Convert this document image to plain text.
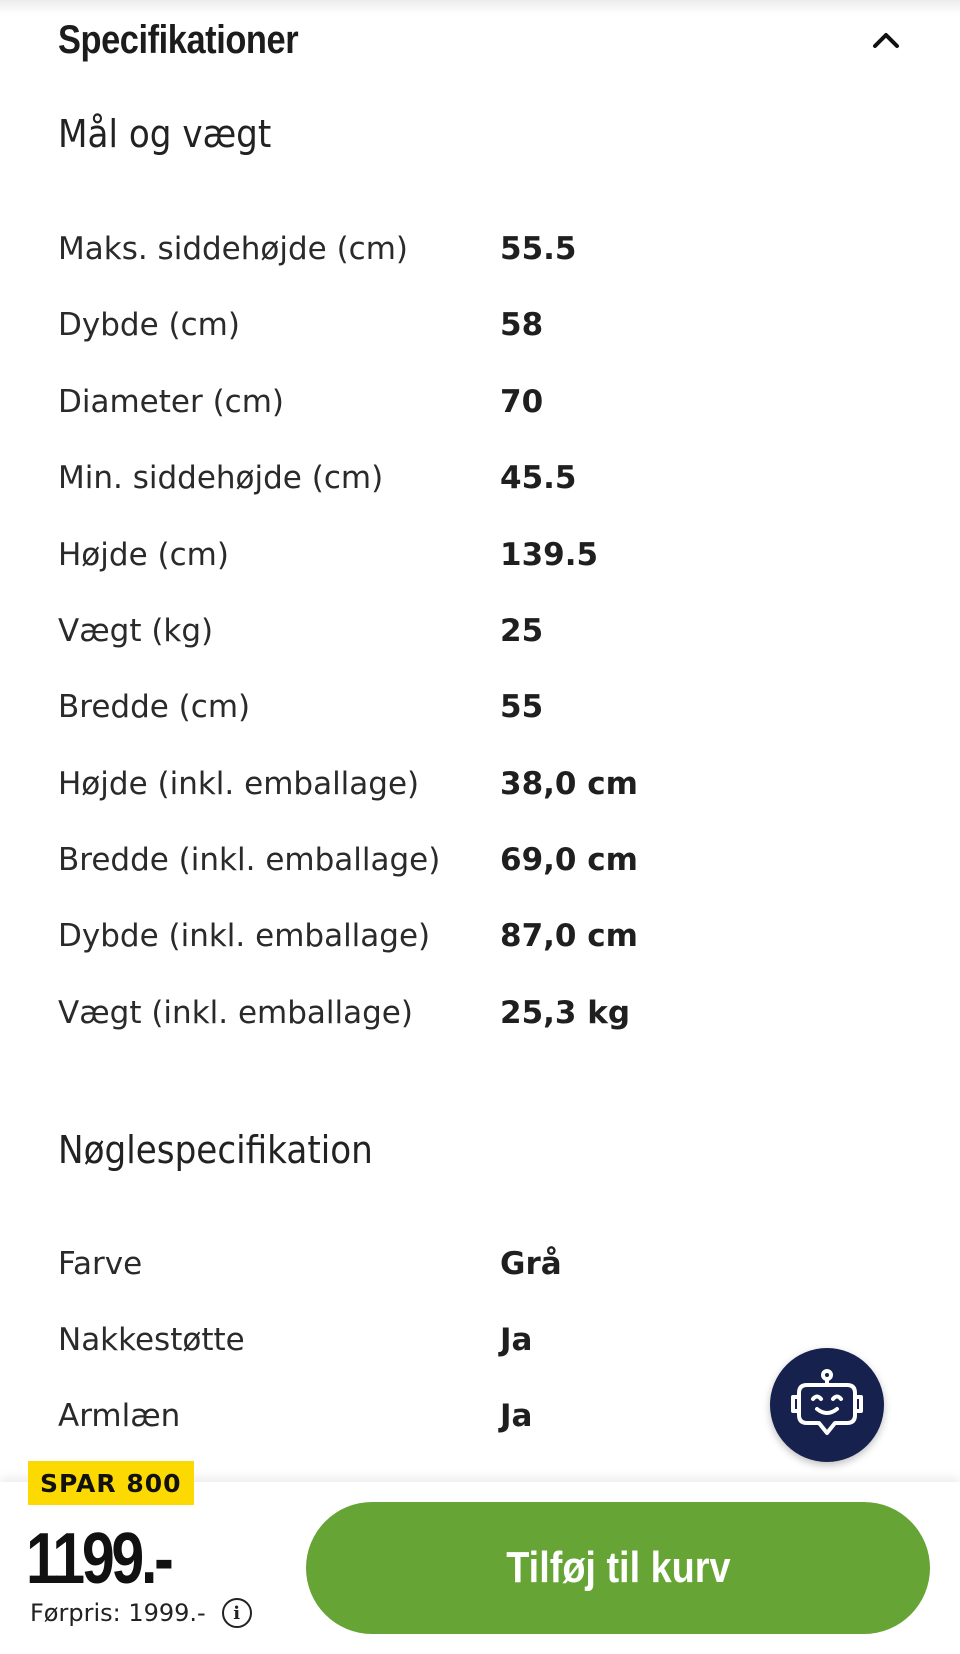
Specifikationer
Mål og vægt
Maks. siddehøjde (cm)	55.5
Dybde (cm)	58
Diameter (cm)	70
Min. siddehøjde (cm)	45.5
Højde (cm)	139.5
Vægt (kg)	25
Bredde (cm)	55
Højde (inkl. emballage)	38,0 cm
Bredde (inkl. emballage)	69,0 cm
Dybde (inkl. emballage)	87,0 cm
Vægt (inkl. emballage)	25,3 kg
Nøglespecifikation
Farve	Grå
Nakkestøtte	Ja
Armlæn	Ja
SPAR 800
1199.-
Førpris: 1999.-	i
Tilføj til kurv
